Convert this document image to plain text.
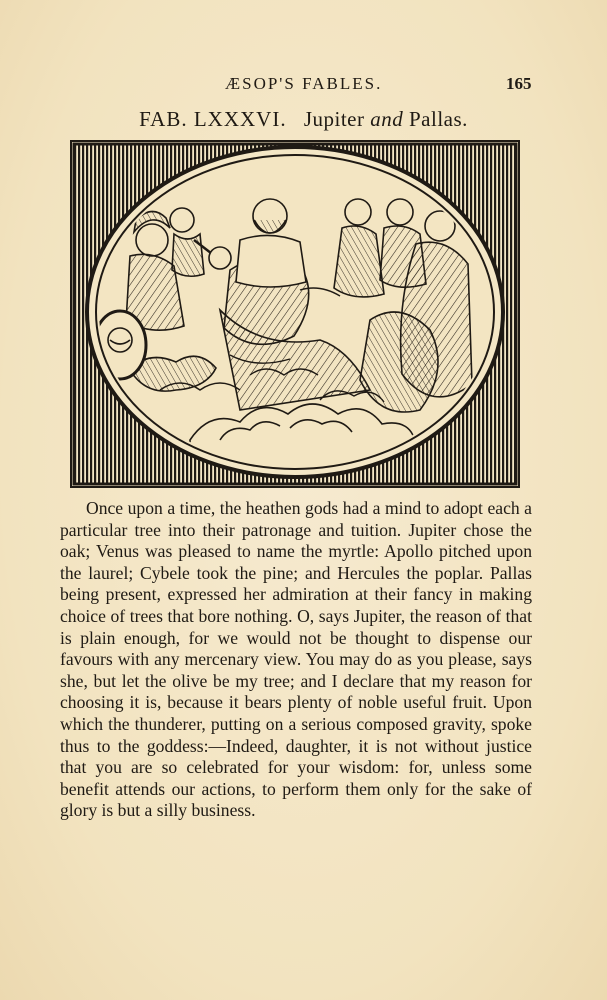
ÆSOP'S FABLES.	165
FAB. LXXXVI. Jupiter and Pallas.

Once upon a time, the heathen gods had a mind to adopt each a particular tree into their patronage and tuition. Jupiter chose the oak; Venus was pleased to name the myrtle: Apollo pitched upon the laurel; Cybele took the pine; and Hercules the poplar. Pallas being present, expressed her admiration at their fancy in making choice of trees that bore nothing. O, says Jupiter, the reason of that is plain enough, for we would not be thought to dispense our favours with any mercenary view. You may do as you please, says she, but let the olive be my tree; and I declare that my reason for choosing it is, because it bears plenty of noble useful fruit. Upon which the thunderer, putting on a serious composed gravity, spoke thus to the goddess:—Indeed, daughter, it is not without justice that you are so celebrated for your wisdom: for, unless some benefit attends our actions, to perform them only for the sake of glory is but a silly business.
